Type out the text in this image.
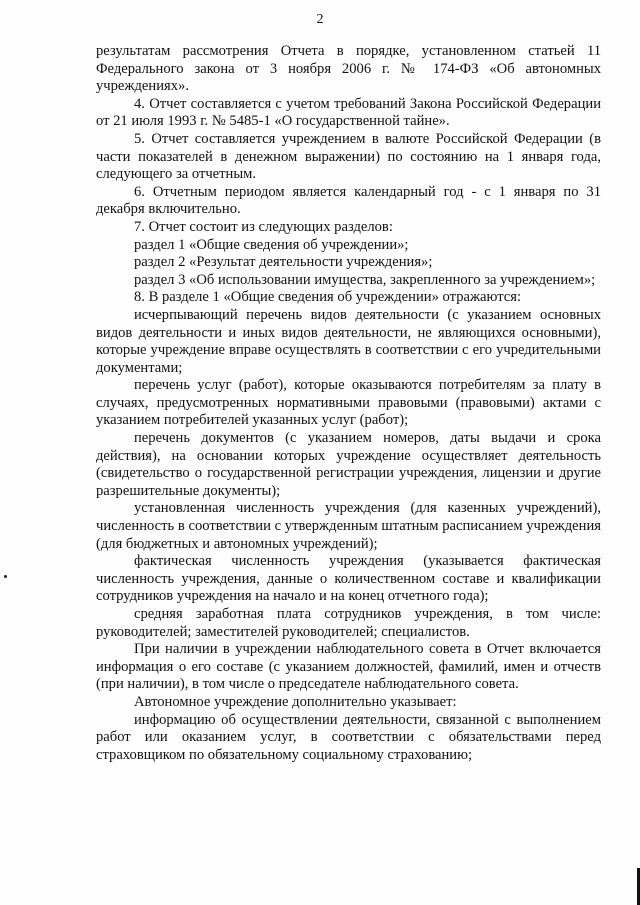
2

результатам рассмотрения Отчета в порядке, установленном статьей 11 Федерального закона от 3 ноября 2006 г. № 174-ФЗ «Об автономных учреждениях».

4. Отчет составляется с учетом требований Закона Российской Федерации от 21 июля 1993 г. № 5485-1 «О государственной тайне».

5. Отчет составляется учреждением в валюте Российской Федерации (в части показателей в денежном выражении) по состоянию на 1 января года, следующего за отчетным.

6. Отчетным периодом является календарный год - с 1 января по 31 декабря включительно.

7. Отчет состоит из следующих разделов:

раздел 1 «Общие сведения об учреждении»;

раздел 2 «Результат деятельности учреждения»;

раздел 3 «Об использовании имущества, закрепленного за учреждением»;

8. В разделе 1 «Общие сведения об учреждении» отражаются:

исчерпывающий перечень видов деятельности (с указанием основных видов деятельности и иных видов деятельности, не являющихся основными), которые учреждение вправе осуществлять в соответствии с его учредительными документами;

перечень услуг (работ), которые оказываются потребителям за плату в случаях, предусмотренных нормативными правовыми (правовыми) актами с указанием потребителей указанных услуг (работ);

перечень документов (с указанием номеров, даты выдачи и срока действия), на основании которых учреждение осуществляет деятельность (свидетельство о государственной регистрации учреждения, лицензии и другие разрешительные документы);

установленная численность учреждения (для казенных учреждений), численность в соответствии с утвержденным штатным расписанием учреждения (для бюджетных и автономных учреждений);

фактическая численность учреждения (указывается фактическая численность учреждения, данные о количественном составе и квалификации сотрудников учреждения на начало и на конец отчетного года);

средняя заработная плата сотрудников учреждения, в том числе: руководителей; заместителей руководителей; специалистов.

При наличии в учреждении наблюдательного совета в Отчет включается информация о его составе (с указанием должностей, фамилий, имен и отчеств (при наличии), в том числе о председателе наблюдательного совета.

Автономное учреждение дополнительно указывает:

информацию об осуществлении деятельности, связанной с выполнением работ или оказанием услуг, в соответствии с обязательствами перед страховщиком по обязательному социальному страхованию;
